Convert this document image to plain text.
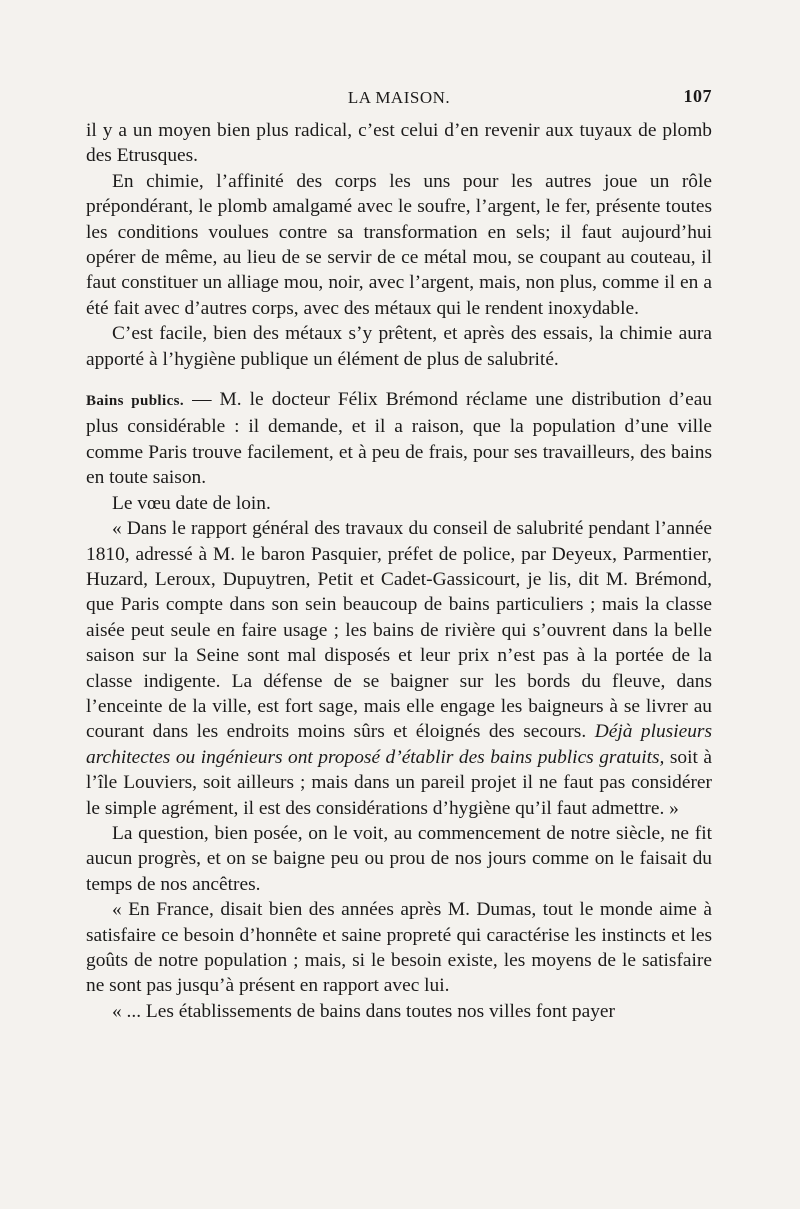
LA MAISON.	107

il y a un moyen bien plus radical, c’est celui d’en revenir aux tuyaux de plomb des Etrusques.

En chimie, l’affinité des corps les uns pour les autres joue un rôle prépondérant, le plomb amalgamé avec le soufre, l’argent, le fer, présente toutes les conditions voulues contre sa transformation en sels; il faut aujourd’hui opérer de même, au lieu de se servir de ce métal mou, se coupant au couteau, il faut constituer un alliage mou, noir, avec l’argent, mais, non plus, comme il en a été fait avec d’autres corps, avec des métaux qui le rendent inoxydable.

C’est facile, bien des métaux s’y prêtent, et après des essais, la chimie aura apporté à l’hygiène publique un élément de plus de salubrité.

Bains publics. — M. le docteur Félix Brémond réclame une distribution d’eau plus considérable : il demande, et il a raison, que la population d’une ville comme Paris trouve facilement, et à peu de frais, pour ses travailleurs, des bains en toute saison.

Le vœu date de loin.

« Dans le rapport général des travaux du conseil de salubrité pendant l’année 1810, adressé à M. le baron Pasquier, préfet de police, par Deyeux, Parmentier, Huzard, Leroux, Dupuytren, Petit et Cadet-Gassicourt, je lis, dit M. Brémond, que Paris compte dans son sein beaucoup de bains particuliers ; mais la classe aisée peut seule en faire usage ; les bains de rivière qui s’ouvrent dans la belle saison sur la Seine sont mal disposés et leur prix n’est pas à la portée de la classe indigente. La défense de se baigner sur les bords du fleuve, dans l’enceinte de la ville, est fort sage, mais elle engage les baigneurs à se livrer au courant dans les endroits moins sûrs et éloignés des secours. Déjà plusieurs architectes ou ingénieurs ont proposé d’établir des bains publics gratuits, soit à l’île Louviers, soit ailleurs ; mais dans un pareil projet il ne faut pas considérer le simple agrément, il est des considérations d’hygiène qu’il faut admettre. »

La question, bien posée, on le voit, au commencement de notre siècle, ne fit aucun progrès, et on se baigne peu ou prou de nos jours comme on le faisait du temps de nos ancêtres.

« En France, disait bien des années après M. Dumas, tout le monde aime à satisfaire ce besoin d’honnête et saine propreté qui caractérise les instincts et les goûts de notre population ; mais, si le besoin existe, les moyens de le satisfaire ne sont pas jusqu’à présent en rapport avec lui.

« ... Les établissements de bains dans toutes nos villes font payer
